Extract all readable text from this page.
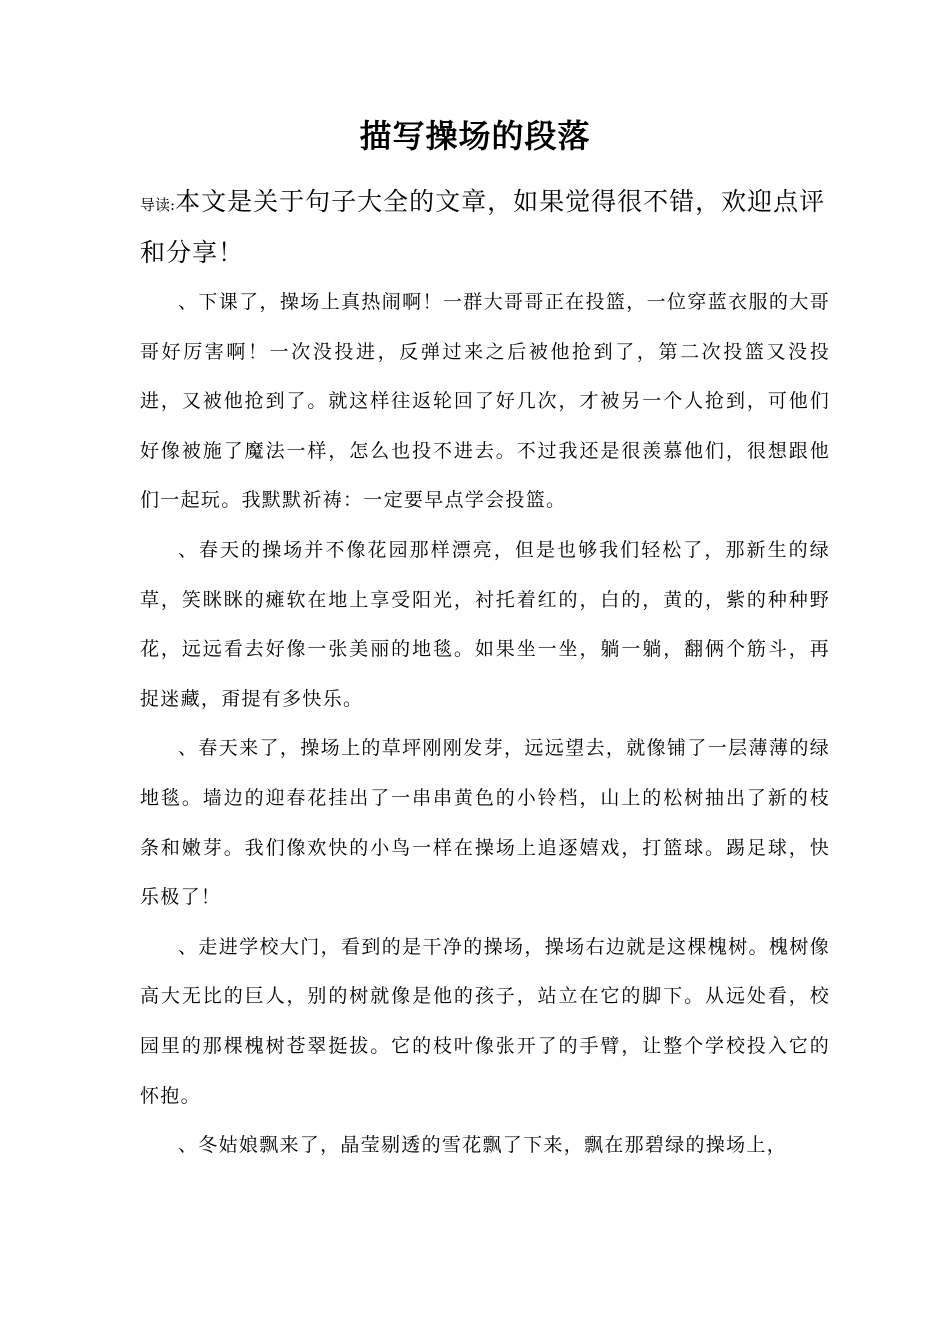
描写操场的段落
导读:本文是关于句子大全的文章，如果觉得很不错，欢迎点评和分享！

、下课了，操场上真热闹啊！一群大哥哥正在投篮，一位穿蓝衣服的大哥哥好厉害啊！一次没投进，反弹过来之后被他抢到了，第二次投篮又没投进，又被他抢到了。就这样往返轮回了好几次，才被另一个人抢到，可他们好像被施了魔法一样，怎么也投不进去。不过我还是很羡慕他们，很想跟他们一起玩。我默默祈祷：一定要早点学会投篮。

、春天的操场并不像花园那样漂亮，但是也够我们轻松了，那新生的绿草，笑眯眯的瘫软在地上享受阳光，衬托着红的，白的，黄的，紫的种种野花，远远看去好像一张美丽的地毯。如果坐一坐，躺一躺，翻俩个筋斗，再捉迷藏，甭提有多快乐。

、春天来了，操场上的草坪刚刚发芽，远远望去，就像铺了一层薄薄的绿地毯。墙边的迎春花挂出了一串串黄色的小铃档，山上的松树抽出了新的枝条和嫩芽。我们像欢快的小鸟一样在操场上追逐嬉戏，打篮球。踢足球，快乐极了！

、走进学校大门，看到的是干净的操场，操场右边就是这棵槐树。槐树像高大无比的巨人，别的树就像是他的孩子，站立在它的脚下。从远处看，校园里的那棵槐树苍翠挺拔。它的枝叶像张开了的手臂，让整个学校投入它的怀抱。

、冬姑娘飘来了，晶莹剔透的雪花飘了下来，飘在那碧绿的操场上，
